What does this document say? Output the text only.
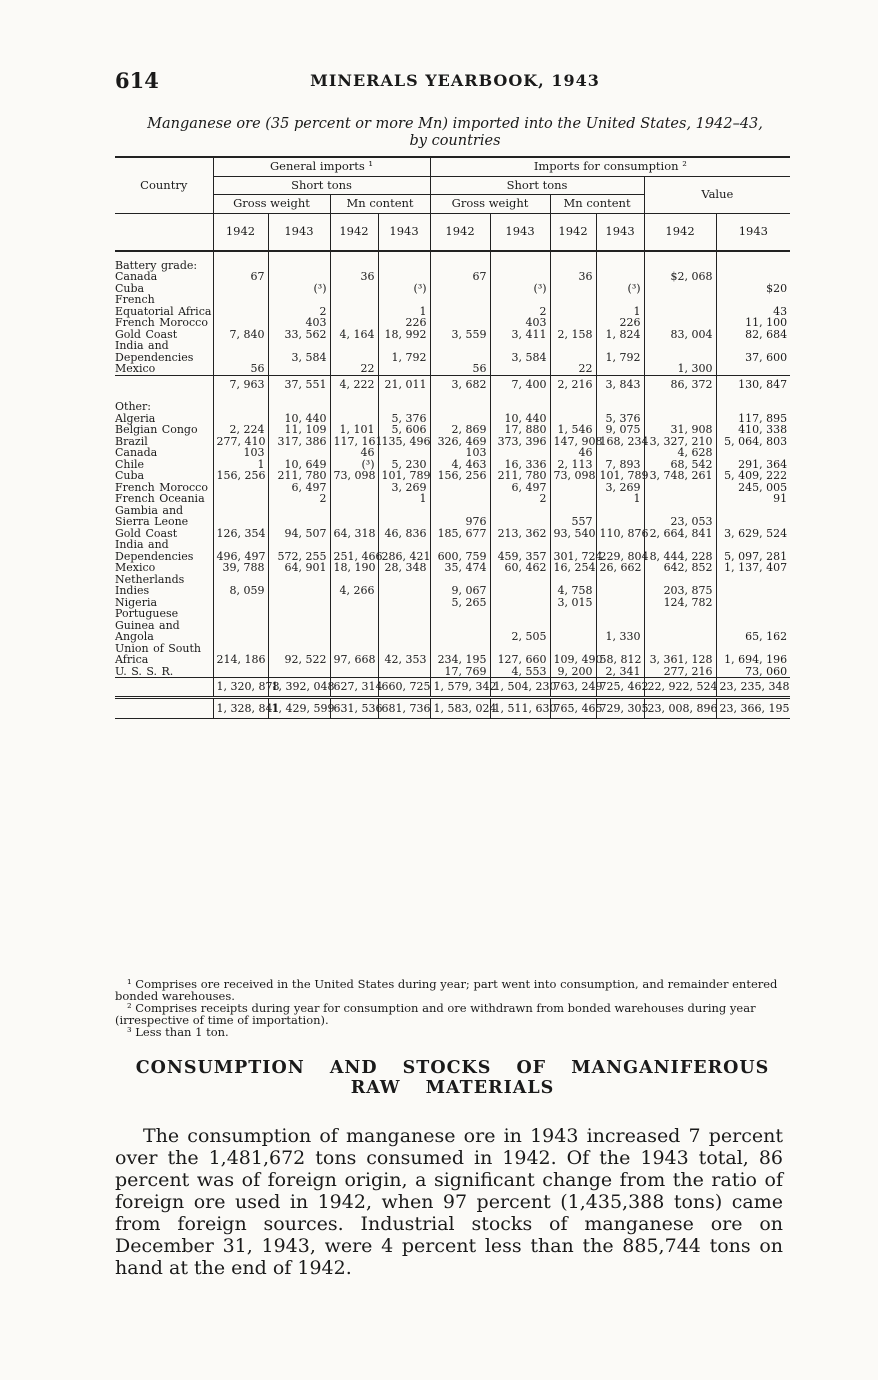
614	MINERALS YEARBOOK, 1943
Manganese ore (35 percent or more Mn) imported into the United States, 1942–43,
by countries
Country	General imports ¹				Imports for consumption ²					
	Short tons				Short tons				Value	
	Gross weight		Mn content		Gross weight		Mn content			
	1942	1943	1942	1943	1942	1943	1942	1943	1942	1943
Battery grade:										
Canada	67		36		67		36		$2, 068	
Cuba		(³)		(³)		(³)		(³)		$20
French Equatorial Africa		2		1		2		1		43
French Morocco		403		226		403		226		11, 100
Gold Coast	7, 840	33, 562	4, 164	18, 992	3, 559	3, 411	2, 158	1, 824	83, 004	82, 684
India and Dependencies		3, 584		1, 792		3, 584		1, 792		37, 600
Mexico	56		22		56		22		1, 300	
	7, 963	37, 551	4, 222	21, 011	3, 682	7, 400	2, 216	3, 843	86, 372	130, 847
Other:										
Algeria		10, 440		5, 376		10, 440		5, 376		117, 895
Belgian Congo	2, 224	11, 109	1, 101	5, 606	2, 869	17, 880	1, 546	9, 075	31, 908	410, 338
Brazil	277, 410	317, 386	117, 161	135, 496	326, 469	373, 396	147, 908	168, 234	3, 327, 210	5, 064, 803
Canada	103		46		103		46		4, 628	
Chile	1	10, 649	(³)	5, 230	4, 463	16, 336	2, 113	7, 893	68, 542	291, 364
Cuba	156, 256	211, 780	73, 098	101, 789	156, 256	211, 780	73, 098	101, 789	3, 748, 261	5, 409, 222
French Morocco		6, 497		3, 269		6, 497		3, 269		245, 005
French Oceania		2		1		2		1		91
Gambia and Sierra Leone					976		557		23, 053	
Gold Coast	126, 354	94, 507	64, 318	46, 836	185, 677	213, 362	93, 540	110, 876	2, 664, 841	3, 629, 524
India and Dependencies	496, 497	572, 255	251, 466	286, 421	600, 759	459, 357	301, 724	229, 804	8, 444, 228	5, 097, 281
Mexico	39, 788	64, 901	18, 190	28, 348	35, 474	60, 462	16, 254	26, 662	642, 852	1, 137, 407
Netherlands Indies	8, 059		4, 266		9, 067		4, 758		203, 875	
Nigeria					5, 265		3, 015		124, 782	
Portuguese Guinea and Angola						2, 505		1, 330		65, 162
Union of South Africa	214, 186	92, 522	97, 668	42, 353	234, 195	127, 660	109, 490	58, 812	3, 361, 128	1, 694, 196
U. S. S. R.					17, 769	4, 553	9, 200	2, 341	277, 216	73, 060
	1, 320, 878	1, 392, 048	627, 314	660, 725	1, 579, 342	1, 504, 230	763, 249	725, 462	22, 922, 524	23, 235, 348
	1, 328, 841	1, 429, 599	631, 536	681, 736	1, 583, 024	1, 511, 630	765, 465	729, 305	23, 008, 896	23, 366, 195

¹ Comprises ore received in the United States during year; part went into consumption, and remainder entered bonded warehouses.

² Comprises receipts during year for consumption and ore withdrawn from bonded warehouses during year (irrespective of time of importation).

³ Less than 1 ton.

CONSUMPTION AND STOCKS OF MANGANIFEROUS RAW MATERIALS

The consumption of manganese ore in 1943 increased 7 percent over the 1,481,672 tons consumed in 1942. Of the 1943 total, 86 percent was of foreign origin, a significant change from the ratio of foreign ore used in 1942, when 97 percent (1,435,388 tons) came from foreign sources. Industrial stocks of manganese ore on December 31, 1943, were 4 percent less than the 885,744 tons on hand at the end of 1942.
